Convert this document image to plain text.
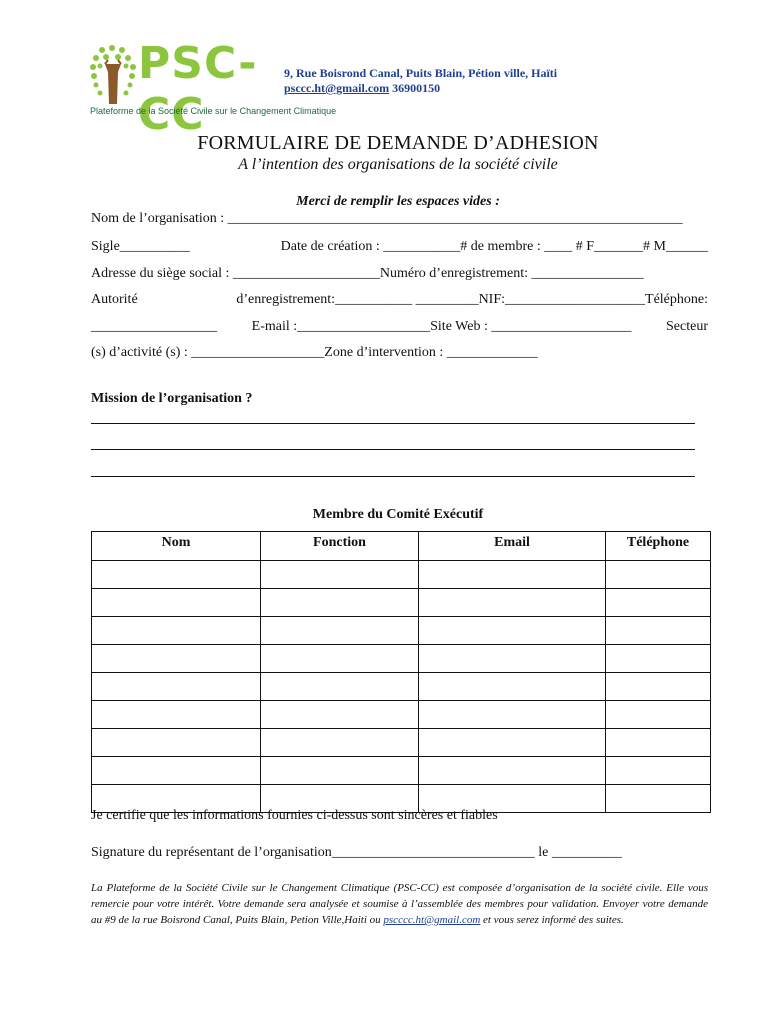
PSC-CC
Plateforme de la Société Civile sur le Changement Climatique
9, Rue Boisrond Canal, Puits Blain, Pétion ville, Haïti
psccc.ht@gmail.com 36900150
FORMULAIRE DE DEMANDE D’ADHESION
A l’intention des organisations de la société civile
Merci de remplir les espaces vides :
Nom de l’organisation : _________________________________________________________________
Sigle__________	Date de création : ___________# de membre : ____ # F_______# M______
Adresse du siège social : _____________________Numéro d’enregistrement: ________________
Autorité	d’enregistrement:___________ _________NIF:____________________Téléphone:
__________________ E-mail :___________________Site Web : ____________________ Secteur
(s) d’activité (s) : ___________________Zone d’intervention : _____________
Mission de l’organisation ?
Membre du Comité Exécutif
Nom	Fonction	Email	Téléphone

Je certifie que les informations fournies ci-dessus sont sincères et fiables
Signature du représentant de l’organisation_____________________________ le __________
La Plateforme de la Société Civile sur le Changement Climatique (PSC-CC) est composée d’organisation de la société civile. Elle vous remercie pour votre intérêt. Votre demande sera analysée et soumise à l’assemblée des membres pour validation. Envoyer votre demande au #9 de la rue Boisrond Canal, Puits Blain, Petion Ville,Haiti ou pscccc.ht@gmail.com et vous serez informé des suites.
